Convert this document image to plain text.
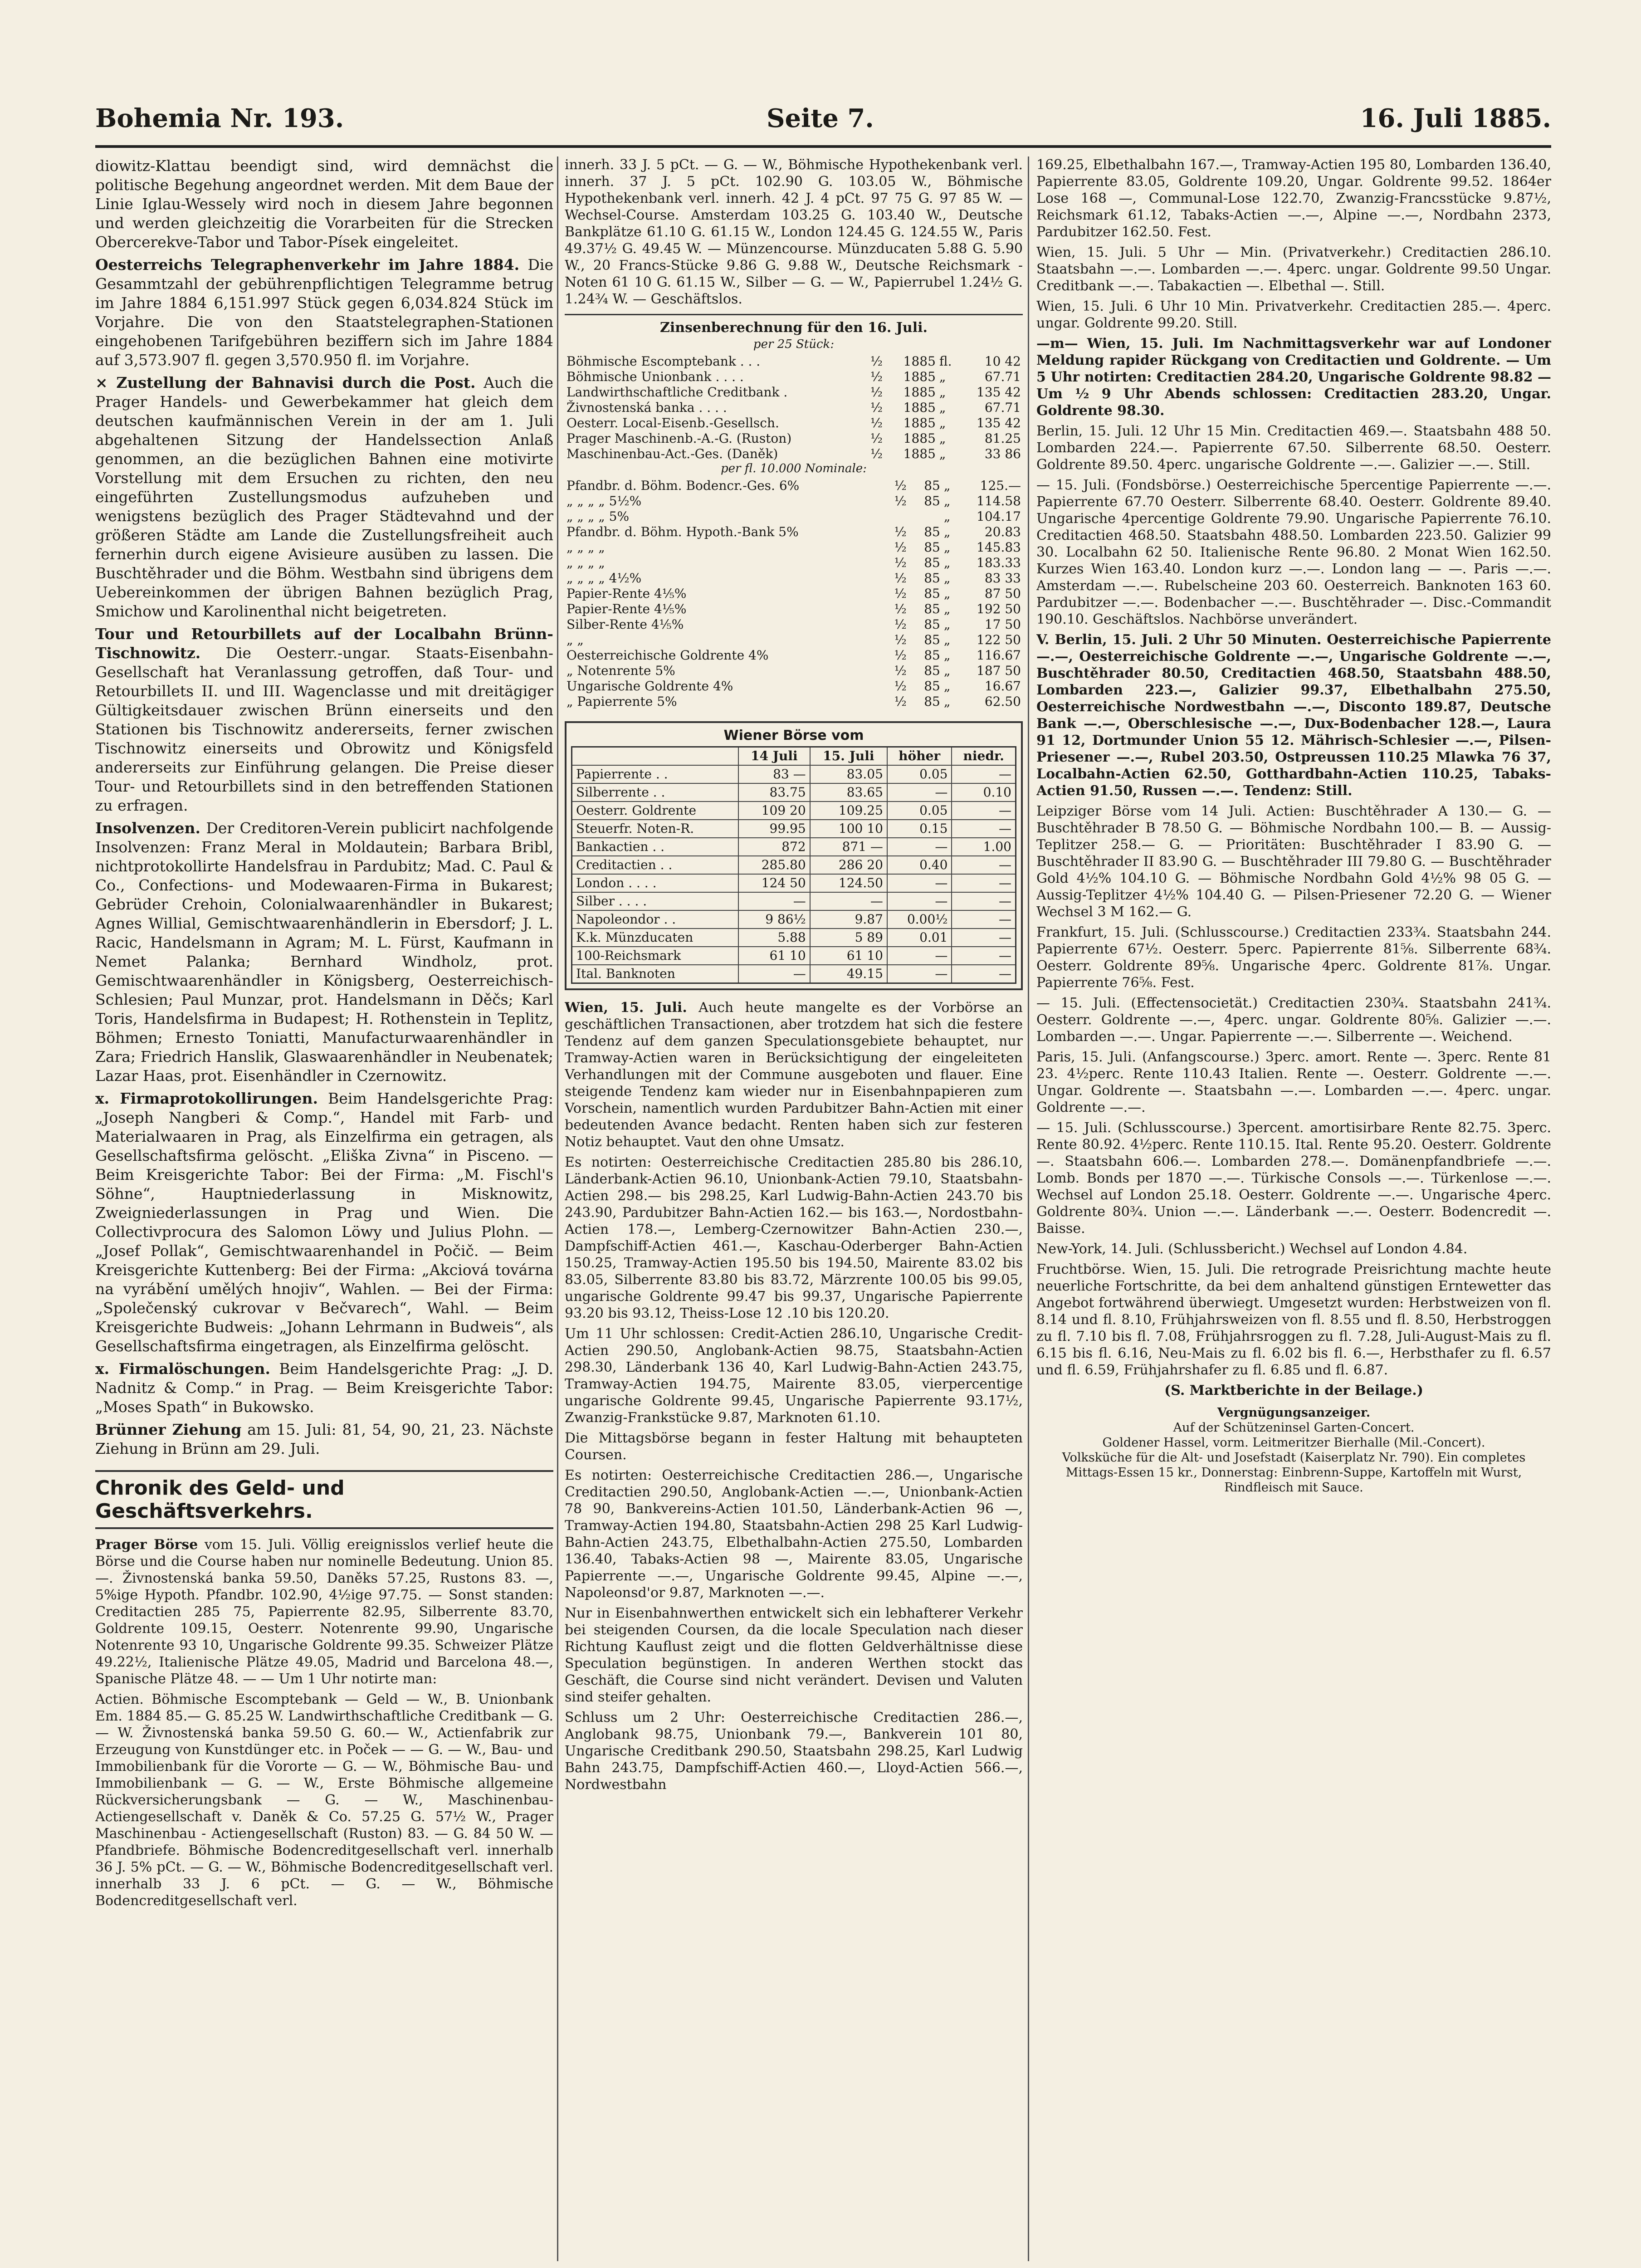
Bohemia Nr. 193.	Seite 7.	16. Juli 1885.

diowitz-Klattau beendigt sind, wird demnächst die politische Begehung angeordnet werden. Mit dem Baue der Linie Iglau-Wessely wird noch in diesem Jahre begonnen und werden gleichzeitig die Vorarbeiten für die Strecken Obercerekve-Tabor und Tabor-Písek eingeleitet.

Oesterreichs Telegraphenverkehr im Jahre 1884. Die Gesammtzahl der gebührenpflichtigen Telegramme betrug im Jahre 1884 6,151.997 Stück gegen 6,034.824 Stück im Vorjahre. Die von den Staatstelegraphen-Stationen eingehobenen Tarifgebühren beziffern sich im Jahre 1884 auf 3,573.907 fl. gegen 3,570.950 fl. im Vorjahre.

× Zustellung der Bahnavisi durch die Post. Auch die Prager Handels- und Gewerbekammer hat gleich dem deutschen kaufmännischen Verein in der am 1. Juli abgehaltenen Sitzung der Handelssection Anlaß genommen, an die bezüglichen Bahnen eine motivirte Vorstellung mit dem Ersuchen zu richten, den neu eingeführten Zustellungsmodus aufzuheben und wenigstens bezüglich des Prager Städtevahnd und der größeren Städte am Lande die Zustellungsfreiheit auch fernerhin durch eigene Avisieure ausüben zu lassen. Die Buschtěhrader und die Böhm. Westbahn sind übrigens dem Uebereinkommen der übrigen Bahnen bezüglich Prag, Smichow und Karolinenthal nicht beigetreten.

Tour und Retourbillets auf der Localbahn Brünn-Tischnowitz. Die Oesterr.-ungar. Staats-Eisenbahn-Gesellschaft hat Veranlassung getroffen, daß Tour- und Retourbillets II. und III. Wagenclasse und mit dreitägiger Gültigkeitsdauer zwischen Brünn einerseits und den Stationen bis Tischnowitz andererseits, ferner zwischen Tischnowitz einerseits und Obrowitz und Königsfeld andererseits zur Einführung gelangen. Die Preise dieser Tour- und Retourbillets sind in den betreffenden Stationen zu erfragen.

Insolvenzen. Der Creditoren-Verein publicirt nachfolgende Insolvenzen: Franz Meral in Moldautein; Barbara Bribl, nichtprotokollirte Handelsfrau in Pardubitz; Mad. C. Paul & Co., Confections- und Modewaaren-Firma in Bukarest; Gebrüder Crehoin, Colonialwaarenhändler in Bukarest; Agnes Willial, Gemischtwaarenhändlerin in Ebersdorf; J. L. Racic, Handelsmann in Agram; M. L. Fürst, Kaufmann in Nemet Palanka; Bernhard Windholz, prot. Gemischtwaarenhändler in Königsberg, Oesterreichisch-Schlesien; Paul Munzar, prot. Handelsmann in Děčs; Karl Toris, Handelsfirma in Budapest; H. Rothenstein in Teplitz, Böhmen; Ernesto Toniatti, Manufacturwaarenhändler in Zara; Friedrich Hanslik, Glaswaarenhändler in Neubenatek; Lazar Haas, prot. Eisenhändler in Czernowitz.

x. Firmaprotokollirungen. Beim Handelsgerichte Prag: „Joseph Nangberi & Comp.“, Handel mit Farb- und Materialwaaren in Prag, als Einzelfirma ein getragen, als Gesellschaftsfirma gelöscht. „Eliška Zivna“ in Pisceno. — Beim Kreisgerichte Tabor: Bei der Firma: „M. Fischl's Söhne“, Hauptniederlassung in Misknowitz, Zweigniederlassungen in Prag und Wien. Die Collectivprocura des Salomon Löwy und Julius Plohn. — „Josef Pollak“, Gemischtwaarenhandel in Počič. — Beim Kreisgerichte Kuttenberg: Bei der Firma: „Akciová továrna na vyrábění umělých hnojiv“, Wahlen. — Bei der Firma: „Společenský cukrovar v Bečvarech“, Wahl. — Beim Kreisgerichte Budweis: „Johann Lehrmann in Budweis“, als Gesellschaftsfirma eingetragen, als Einzelfirma gelöscht.

x. Firmalöschungen. Beim Handelsgerichte Prag: „J. D. Nadnitz & Comp.“ in Prag. — Beim Kreisgerichte Tabor: „Moses Spath“ in Bukowsko.

Brünner Ziehung am 15. Juli: 81, 54, 90, 21, 23. Nächste Ziehung in Brünn am 29. Juli.

Chronik des Geld- und Geschäftsverkehrs.

Prager Börse vom 15. Juli. Völlig ereignisslos verlief heute die Börse und die Course haben nur nominelle Bedeutung. Union 85.—. Živnostenská banka 59.50, Daněks 57.25, Rustons 83. —, 5%ige Hypoth. Pfandbr. 102.90, 4½ige 97.75. — Sonst standen: Creditactien 285 75, Papierrente 82.95, Silberrente 83.70, Goldrente 109.15, Oesterr. Notenrente 99.90, Ungarische Notenrente 93 10, Ungarische Goldrente 99.35. Schweizer Plätze 49.22½, Italienische Plätze 49.05, Madrid und Barcelona 48.—, Spanische Plätze 48. — — Um 1 Uhr notirte man:

Actien. Böhmische Escomptebank — Geld — W., B. Unionbank Em. 1884 85.— G. 85.25 W. Landwirthschaftliche Creditbank — G. — W. Živnostenská banka 59.50 G. 60.— W., Actienfabrik zur Erzeugung von Kunstdünger etc. in Poček — — G. — W., Bau- und Immobilienbank für die Vororte — G. — W., Böhmische Bau- und Immobilienbank — G. — W., Erste Böhmische allgemeine Rückversicherungsbank — G. — W., Maschinenbau-Actiengesellschaft v. Daněk & Co. 57.25 G. 57½ W., Prager Maschinenbau - Actiengesellschaft (Ruston) 83. — G. 84 50 W. — Pfandbriefe. Böhmische Bodencreditgesellschaft verl. innerhalb 36 J. 5% pCt. — G. — W., Böhmische Bodencreditgesellschaft verl. innerhalb 33 J. 6 pCt. — G. — W., Böhmische Bodencreditgesellschaft verl.

innerh. 33 J. 5 pCt. — G. — W., Böhmische Hypothekenbank verl. innerh. 37 J. 5 pCt. 102.90 G. 103.05 W., Böhmische Hypothekenbank verl. innerh. 42 J. 4 pCt. 97 75 G. 97 85 W. — Wechsel-Course. Amsterdam 103.25 G. 103.40 W., Deutsche Bankplätze 61.10 G. 61.15 W., London 124.45 G. 124.55 W., Paris 49.37½ G. 49.45 W. — Münzencourse. Münzducaten 5.88 G. 5.90 W., 20 Francs-Stücke 9.86 G. 9.88 W., Deutsche Reichsmark - Noten 61 10 G. 61.15 W., Silber — G. — W., Papierrubel 1.24½ G. 1.24¾ W. — Geschäftslos.

Zinsenberechnung für den 16. Juli.
per 25 Stück:
Böhmische Escomptebank . . .	½	1885	fl.	10 42
Böhmische Unionbank . . . .	½	1885	„	67.71
Landwirthschaftliche Creditbank .	½	1885	„	135 42
Živnostenská banka . . . .	½	1885	„	67.71
Oesterr. Local-Eisenb.-Gesellsch.	½	1885	„	135 42
Prager Maschinenb.-A.-G. (Ruston)	½	1885	„	81.25
Maschinenbau-Act.-Ges. (Daněk)	½	1885	„	33 86
per fl. 10.000 Nominale:
Pfandbr. d. Böhm. Bodencr.-Ges. 6%	½	85	„	125.—
„ „ „ „ 5½%	½	85	„	114.58
„ „ „ „ 5%			„	104.17
Pfandbr. d. Böhm. Hypoth.-Bank 5%	½	85	„	20.83
„ „ „ „	½	85	„	145.83
„ „ „ „	½	85	„	183.33
„ „ „ „ 4½%	½	85	„	83 33
Papier-Rente 4⅕%	½	85	„	87 50
Papier-Rente 4⅕%	½	85	„	192 50
Silber-Rente 4⅕%	½	85	„	17 50
„ „	½	85	„	122 50
Oesterreichische Goldrente 4%	½	85	„	116.67
„ Notenrente 5%	½	85	„	187 50
Ungarische Goldrente 4%	½	85	„	16.67
„ Papierrente 5%	½	85	„	62.50
Wiener Börse vom
	14 Juli	15. Juli	höher	niedr.
Papierrente . .	83 —	83.05	0.05	—
Silberrente . .	83.75	83.65	—	0.10
Oesterr. Goldrente	109 20	109.25	0.05	—
Steuerfr. Noten-R.	99.95	100 10	0.15	—
Bankactien . .	872	871 —	—	1.00
Creditactien . .	285.80	286 20	0.40	—
London . . . .	124 50	124.50	—	—
Silber . . . .	—	—	—	—
Napoleondor . .	9 86½	9.87	0.00½	—
K.k. Münzducaten	5.88	5 89	0.01	—
100-Reichsmark	61 10	61 10	—	—
Ital. Banknoten	—	49.15	—	—

Wien, 15. Juli. Auch heute mangelte es der Vorbörse an geschäftlichen Transactionen, aber trotzdem hat sich die festere Tendenz auf dem ganzen Speculationsgebiete behauptet, nur Tramway-Actien waren in Berücksichtigung der eingeleiteten Verhandlungen mit der Commune ausgeboten und flauer. Eine steigende Tendenz kam wieder nur in Eisenbahnpapieren zum Vorschein, namentlich wurden Pardubitzer Bahn-Actien mit einer bedeutenden Avance bedacht. Renten haben sich zur festeren Notiz behauptet. Vaut den ohne Umsatz.

Es notirten: Oesterreichische Creditactien 285.80 bis 286.10, Länderbank-Actien 96.10, Unionbank-Actien 79.10, Staatsbahn-Actien 298.— bis 298.25, Karl Ludwig-Bahn-Actien 243.70 bis 243.90, Pardubitzer Bahn-Actien 162.— bis 163.—, Nordostbahn-Actien 178.—, Lemberg-Czernowitzer Bahn-Actien 230.—, Dampfschiff-Actien 461.—, Kaschau-Oderberger Bahn-Actien 150.25, Tramway-Actien 195.50 bis 194.50, Mairente 83.02 bis 83.05, Silberrente 83.80 bis 83.72, Märzrente 100.05 bis 99.05, ungarische Goldrente 99.47 bis 99.37, Ungarische Papierrente 93.20 bis 93.12, Theiss-Lose 12 .10 bis 120.20.

Um 11 Uhr schlossen: Credit-Actien 286.10, Ungarische Credit-Actien 290.50, Anglobank-Actien 98.75, Staatsbahn-Actien 298.30, Länderbank 136 40, Karl Ludwig-Bahn-Actien 243.75, Tramway-Actien 194.75, Mairente 83.05, vierpercentige ungarische Goldrente 99.45, Ungarische Papierrente 93.17½, Zwanzig-Frankstücke 9.87, Marknoten 61.10.

Die Mittagsbörse begann in fester Haltung mit behaupteten Coursen.

Es notirten: Oesterreichische Creditactien 286.—, Ungarische Creditactien 290.50, Anglobank-Actien —.—, Unionbank-Actien 78 90, Bankvereins-Actien 101.50, Länderbank-Actien 96 —, Tramway-Actien 194.80, Staatsbahn-Actien 298 25 Karl Ludwig-Bahn-Actien 243.75, Elbethalbahn-Actien 275.50, Lombarden 136.40, Tabaks-Actien 98 —, Mairente 83.05, Ungarische Papierrente —.—, Ungarische Goldrente 99.45, Alpine —.—, Napoleonsd'or 9.87, Marknoten —.—.

Nur in Eisenbahnwerthen entwickelt sich ein lebhafterer Verkehr bei steigenden Coursen, da die locale Speculation nach dieser Richtung Kauflust zeigt und die flotten Geldverhältnisse diese Speculation begünstigen. In anderen Werthen stockt das Geschäft, die Course sind nicht verändert. Devisen und Valuten sind steifer gehalten.

Schluss um 2 Uhr: Oesterreichische Creditactien 286.—, Anglobank 98.75, Unionbank 79.—, Bankverein 101 80, Ungarische Creditbank 290.50, Staatsbahn 298.25, Karl Ludwig Bahn 243.75, Dampfschiff-Actien 460.—, Lloyd-Actien 566.—, Nordwestbahn

169.25, Elbethalbahn 167.—, Tramway-Actien 195 80, Lombarden 136.40, Papierrente 83.05, Goldrente 109.20, Ungar. Goldrente 99.52. 1864er Lose 168 —, Communal-Lose 122.70, Zwanzig-Francsstücke 9.87½, Reichsmark 61.12, Tabaks-Actien —.—, Alpine —.—, Nordbahn 2373, Pardubitzer 162.50. Fest.

Wien, 15. Juli. 5 Uhr — Min. (Privatverkehr.) Creditactien 286.10. Staatsbahn —.—. Lombarden —.—. 4perc. ungar. Goldrente 99.50 Ungar. Creditbank —.—. Tabakactien —. Elbethal —. Still.

Wien, 15. Juli. 6 Uhr 10 Min. Privatverkehr. Creditactien 285.—. 4perc. ungar. Goldrente 99.20. Still.

—m— Wien, 15. Juli. Im Nachmittagsverkehr war auf Londoner Meldung rapider Rückgang von Creditactien und Goldrente. — Um 5 Uhr notirten: Creditactien 284.20, Ungarische Goldrente 98.82 — Um ½ 9 Uhr Abends schlossen: Creditactien 283.20, Ungar. Goldrente 98.30.

Berlin, 15. Juli. 12 Uhr 15 Min. Creditactien 469.—. Staatsbahn 488 50. Lombarden 224.—. Papierrente 67.50. Silberrente 68.50. Oesterr. Goldrente 89.50. 4perc. ungarische Goldrente —.—. Galizier —.—. Still.

— 15. Juli. (Fondsbörse.) Oesterreichische 5percentige Papierrente —.—. Papierrente 67.70 Oesterr. Silberrente 68.40. Oesterr. Goldrente 89.40. Ungarische 4percentige Goldrente 79.90. Ungarische Papierrente 76.10. Creditactien 468.50. Staatsbahn 488.50. Lombarden 223.50. Galizier 99 30. Localbahn 62 50. Italienische Rente 96.80. 2 Monat Wien 162.50. Kurzes Wien 163.40. London kurz —.—. London lang — —. Paris —.—. Amsterdam —.—. Rubelscheine 203 60. Oesterreich. Banknoten 163 60. Pardubitzer —.—. Bodenbacher —.—. Buschtěhrader —. Disc.-Commandit 190.10. Geschäftslos. Nachbörse unverändert.

V. Berlin, 15. Juli. 2 Uhr 50 Minuten. Oesterreichische Papierrente —.—, Oesterreichische Goldrente —.—, Ungarische Goldrente —.—, Buschtěhrader 80.50, Creditactien 468.50, Staatsbahn 488.50, Lombarden 223.—, Galizier 99.37, Elbethalbahn 275.50, Oesterreichische Nordwestbahn —.—, Disconto 189.87, Deutsche Bank —.—, Oberschlesische —.—, Dux-Bodenbacher 128.—, Laura 91 12, Dortmunder Union 55 12. Mährisch-Schlesier —.—, Pilsen-Priesener —.—, Rubel 203.50, Ostpreussen 110.25 Mlawka 76 37, Localbahn-Actien 62.50, Gotthardbahn-Actien 110.25, Tabaks-Actien 91.50, Russen —.—. Tendenz: Still.

Leipziger Börse vom 14 Juli. Actien: Buschtěhrader A 130.— G. — Buschtěhrader B 78.50 G. — Böhmische Nordbahn 100.— B. — Aussig-Teplitzer 258.— G. — Prioritäten: Buschtěhrader I 83.90 G. — Buschtěhrader II 83.90 G. — Buschtěhrader III 79.80 G. — Buschtěhrader Gold 4½% 104.10 G. — Böhmische Nordbahn Gold 4½% 98 05 G. — Aussig-Teplitzer 4½% 104.40 G. — Pilsen-Priesener 72.20 G. — Wiener Wechsel 3 M 162.— G.

Frankfurt, 15. Juli. (Schlusscourse.) Creditactien 233¾. Staatsbahn 244. Papierrente 67½. Oesterr. 5perc. Papierrente 81⅝. Silberrente 68¾. Oesterr. Goldrente 89⅝. Ungarische 4perc. Goldrente 81⅞. Ungar. Papierrente 76⅝. Fest.

— 15. Juli. (Effectensocietät.) Creditactien 230¾. Staatsbahn 241¾. Oesterr. Goldrente —.—, 4perc. ungar. Goldrente 80⅝. Galizier —.—. Lombarden —.—. Ungar. Papierrente —.—. Silberrente —. Weichend.

Paris, 15. Juli. (Anfangscourse.) 3perc. amort. Rente —. 3perc. Rente 81 23. 4½perc. Rente 110.43 Italien. Rente —. Oesterr. Goldrente —.—. Ungar. Goldrente —. Staatsbahn —.—. Lombarden —.—. 4perc. ungar. Goldrente —.—.

— 15. Juli. (Schlusscourse.) 3percent. amortisirbare Rente 82.75. 3perc. Rente 80.92. 4½perc. Rente 110.15. Ital. Rente 95.20. Oesterr. Goldrente —. Staatsbahn 606.—. Lombarden 278.—. Domänenpfandbriefe —.—. Lomb. Bonds per 1870 —.—. Türkische Consols —.—. Türkenlose —.—. Wechsel auf London 25.18. Oesterr. Goldrente —.—. Ungarische 4perc. Goldrente 80¾. Union —.—. Länderbank —.—. Oesterr. Bodencredit —. Baisse.

New-York, 14. Juli. (Schlussbericht.) Wechsel auf London 4.84.

Fruchtbörse. Wien, 15. Juli. Die retrograde Preisrichtung machte heute neuerliche Fortschritte, da bei dem anhaltend günstigen Erntewetter das Angebot fortwährend überwiegt. Umgesetzt wurden: Herbstweizen von fl. 8.14 und fl. 8.10, Frühjahrsweizen von fl. 8.55 und fl. 8.50, Herbstroggen zu fl. 7.10 bis fl. 7.08, Frühjahrsroggen zu fl. 7.28, Juli-August-Mais zu fl. 6.15 bis fl. 6.16, Neu-Mais zu fl. 6.02 bis fl. 6.—, Herbsthafer zu fl. 6.57 und fl. 6.59, Frühjahrshafer zu fl. 6.85 und fl. 6.87.

(S. Marktberichte in der Beilage.)

Vergnügungsanzeiger.
Auf der Schützeninsel Garten-Concert.
Goldener Hassel, vorm. Leitmeritzer Bierhalle (Mil.-Concert).
Volksküche für die Alt- und Josefstadt (Kaiserplatz Nr. 790). Ein completes Mittags-Essen 15 kr., Donnerstag: Einbrenn-Suppe, Kartoffeln mit Wurst, Rindfleisch mit Sauce.
